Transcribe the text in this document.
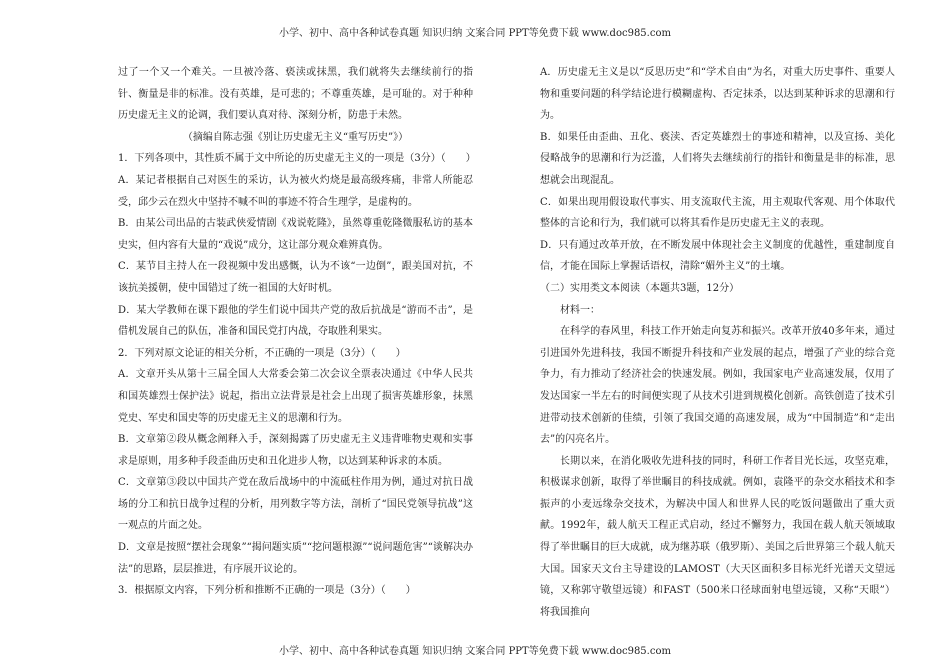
小学、初中、高中各种试卷真题 知识归纳 文案合同 PPT等免费下载 www.doc985.com

过了一个又一个难关。一旦被冷落、亵渎或抹黑，我们就将失去继续前行的指针、衡量是非的标准。没有英雄，是可悲的；不尊重英雄，是可耻的。对于种种历史虚无主义的论调，我们要认真对待、深刻分析，防患于未然。

（摘编自陈志强《别让历史虚无主义“重写历史”》）

1．下列各项中，其性质不属于文中所论的历史虚无主义的一项是（3分）（　　）

A．某记者根据自己对医生的采访，认为被火灼烧是最高级疼痛，非常人所能忍受，邱少云在烈火中坚持不喊不叫的事迹不符合生理学，是虚构的。

B．由某公司出品的古装武侠爱情剧《戏说乾隆》，虽然尊重乾隆微服私访的基本史实，但内容有大量的“戏说”成分，这让部分观众难辨真伪。

C．某节目主持人在一段视频中发出感慨，认为不该“一边倒”，跟美国对抗，不该抗美援朝，使中国错过了统一祖国的大好时机。

D．某大学教师在课下跟他的学生们说中国共产党的敌后抗战是“游而不击”，是借机发展自己的队伍，准备和国民党打内战，夺取胜利果实。

2．下列对原文论证的相关分析，不正确的一项是（3分）（　　）

A．文章开头从第十三届全国人大常委会第二次会议全票表决通过《中华人民共和国英雄烈士保护法》说起，指出立法背景是社会上出现了损害英雄形象，抹黑党史、军史和国史等的历史虚无主义的思潮和行为。

B．文章第②段从概念阐释入手，深刻揭露了历史虚无主义违背唯物史观和实事求是原则，用多种手段歪曲历史和丑化进步人物，以达到某种诉求的本质。

C．文章第③段以中国共产党在敌后战场中的中流砥柱作用为例，通过对抗日战场的分工和抗日战争过程的分析，用列数字等方法，剖析了“国民党领导抗战”这一观点的片面之处。

D．文章是按照“摆社会现象”“揭问题实质”“挖问题根源”“说问题危害”“谈解决办法”的思路，层层推进，有序展开议论的。

3．根据原文内容，下列分析和推断不正确的一项是（3分）（　　）

A．历史虚无主义是以“反思历史”和“学术自由”为名，对重大历史事件、重要人物和重要问题的科学结论进行模糊虚构、否定抹杀，以达到某种诉求的思潮和行为。

B．如果任由歪曲、丑化、亵渎、否定英雄烈士的事迹和精神，以及宣扬、美化侵略战争的思潮和行为泛滥，人们将失去继续前行的指针和衡量是非的标准，思想就会出现混乱。

C．如果出现用假设取代事实、用支流取代主流，用主观取代客观、用个体取代整体的言论和行为，我们就可以将其看作是历史虚无主义的表现。

D．只有通过改革开放，在不断发展中体现社会主义制度的优越性，重建制度自信，才能在国际上掌握话语权，清除“媚外主义”的土壤。

（二）实用类文本阅读（本题共3题，12分）

材料一：

在科学的春风里，科技工作开始走向复苏和振兴。改革开放40多年来，通过引进国外先进科技，我国不断提升科技和产业发展的起点，增强了产业的综合竞争力，有力推动了经济社会的快速发展。例如，我国家电产业高速发展，仅用了发达国家一半左右的时间便实现了从技术引进到规模化创新。高铁创造了技术引进带动技术创新的佳绩，引领了我国交通的高速发展，成为“中国制造”和“走出去”的闪亮名片。

长期以来，在消化吸收先进科技的同时，科研工作者目光长远，攻坚克难，积极谋求创新，取得了举世瞩目的科技成就。例如，袁隆平的杂交水稻技术和李振声的小麦远缘杂交技术，为解决中国人和世界人民的吃饭问题做出了重大贡献。1992年，载人航天工程正式启动，经过不懈努力，我国在载人航天领域取得了举世瞩目的巨大成就，成为继苏联（俄罗斯）、美国之后世界第三个载人航天大国。国家天文台主导建设的LAMOST（大天区面积多目标光纤光谱天文望远镜，又称郭守敬望远镜）和FAST（500米口径球面射电望远镜，又称“天眼”）将我国推向

小学、初中、高中各种试卷真题 知识归纳 文案合同 PPT等免费下载 www.doc985.com
